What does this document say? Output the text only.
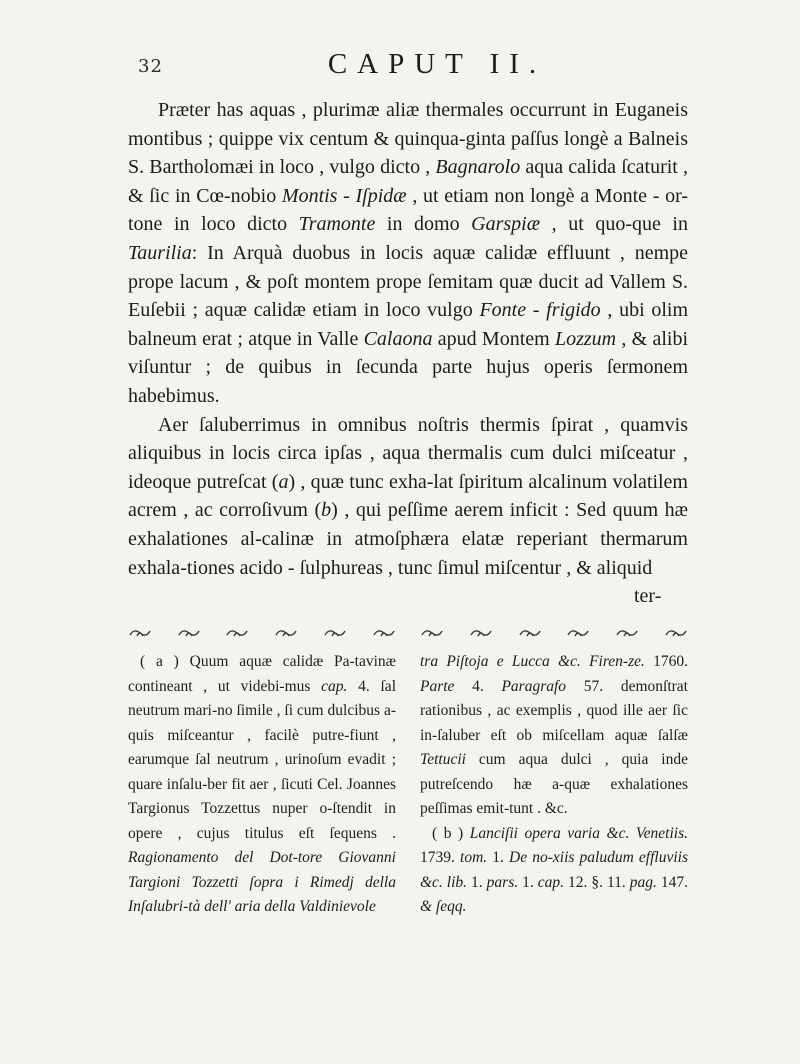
32	CAPUT II.

Præter has aquas , plurimæ aliæ thermales occurrunt in Euganeis montibus ; quippe vix centum & quinqua-ginta paſſus longè a Balneis S. Bartholomæi in loco , vulgo dicto , Bagnarolo aqua calida ſcaturit , & ſic in Cœ-nobio Montis - Iſpidæ , ut etiam non longè a Monte - or-tone in loco dicto Tramonte in domo Garspiæ , ut quo-que in Taurilia: In Arquà duobus in locis aquæ calidæ effluunt , nempe prope lacum , & poſt montem prope ſemitam quæ ducit ad Vallem S. Euſebii ; aquæ calidæ etiam in loco vulgo Fonte - frigido , ubi olim balneum erat ; atque in Valle Calaona apud Montem Lozzum , & alibi viſuntur ; de quibus in ſecunda parte hujus operis ſermonem habebimus.

Aer ſaluberrimus in omnibus noſtris thermis ſpirat , quamvis aliquibus in locis circa ipſas , aqua thermalis cum dulci miſceatur , ideoque putreſcat (a) , quæ tunc exha-lat ſpiritum alcalinum volatilem acrem , ac corroſivum (b) , qui peſſime aerem inficit : Sed quum hæ exhalationes al-calinæ in atmoſphæra elatæ reperiant thermarum exhala-tiones acido - ſulphureas , tunc ſimul miſcentur , & aliquid

ter-

( a ) Quum aquæ calidæ Pa-tavinæ contineant , ut videbi-mus cap. 4. ſal neutrum mari-no ſimile , ſi cum dulcibus a-quis miſceantur , facilè putre-fiunt , earumque ſal neutrum , urinoſum evadit ; quare inſalu-ber fit aer , ſicuti Cel. Joannes Targionus Tozzettus nuper o-ſtendit in opere , cujus titulus eſt ſequens . Ragionamento del Dot-tore Giovanni Targioni Tozzetti ſopra i Rimedj della Inſalubri-tà dell' aria della Valdinievole

tra Piſtoja e Lucca &c. Firen-ze. 1760. Parte 4. Paragrafo 57. demonſtrat rationibus , ac exemplis , quod ille aer ſic in-ſaluber eſt ob miſcellam aquæ ſalſæ Tettucii cum aqua dulci , quia inde putreſcendo hæ a-quæ exhalationes peſſimas emit-tunt . &c.

( b ) Lanciſii opera varia &c. Venetiis. 1739. tom. 1. De no-xiis paludum effluviis &c. lib. 1. pars. 1. cap. 12. §. 11. pag. 147. & ſeqq.
